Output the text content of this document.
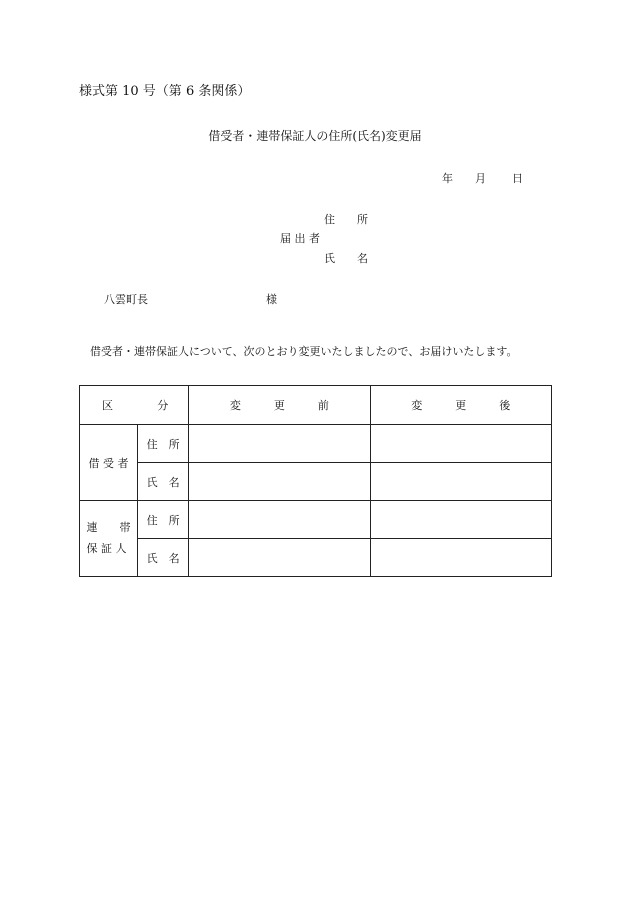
様式第 10 号（第 6 条関係）
借受者・連帯保証人の住所(氏名)変更届
年 月 日
住　　所
届 出 者
氏　　名
八雲町長	様
借受者・連帯保証人について、次のとおり変更いたしましたので、お届けいたします。
区 分		変　　　更　　　前	変　　　更　　　後
借 受 者	住　所		
	氏　名		

連　　帯
保 証 人	住　所		
	氏　名		
